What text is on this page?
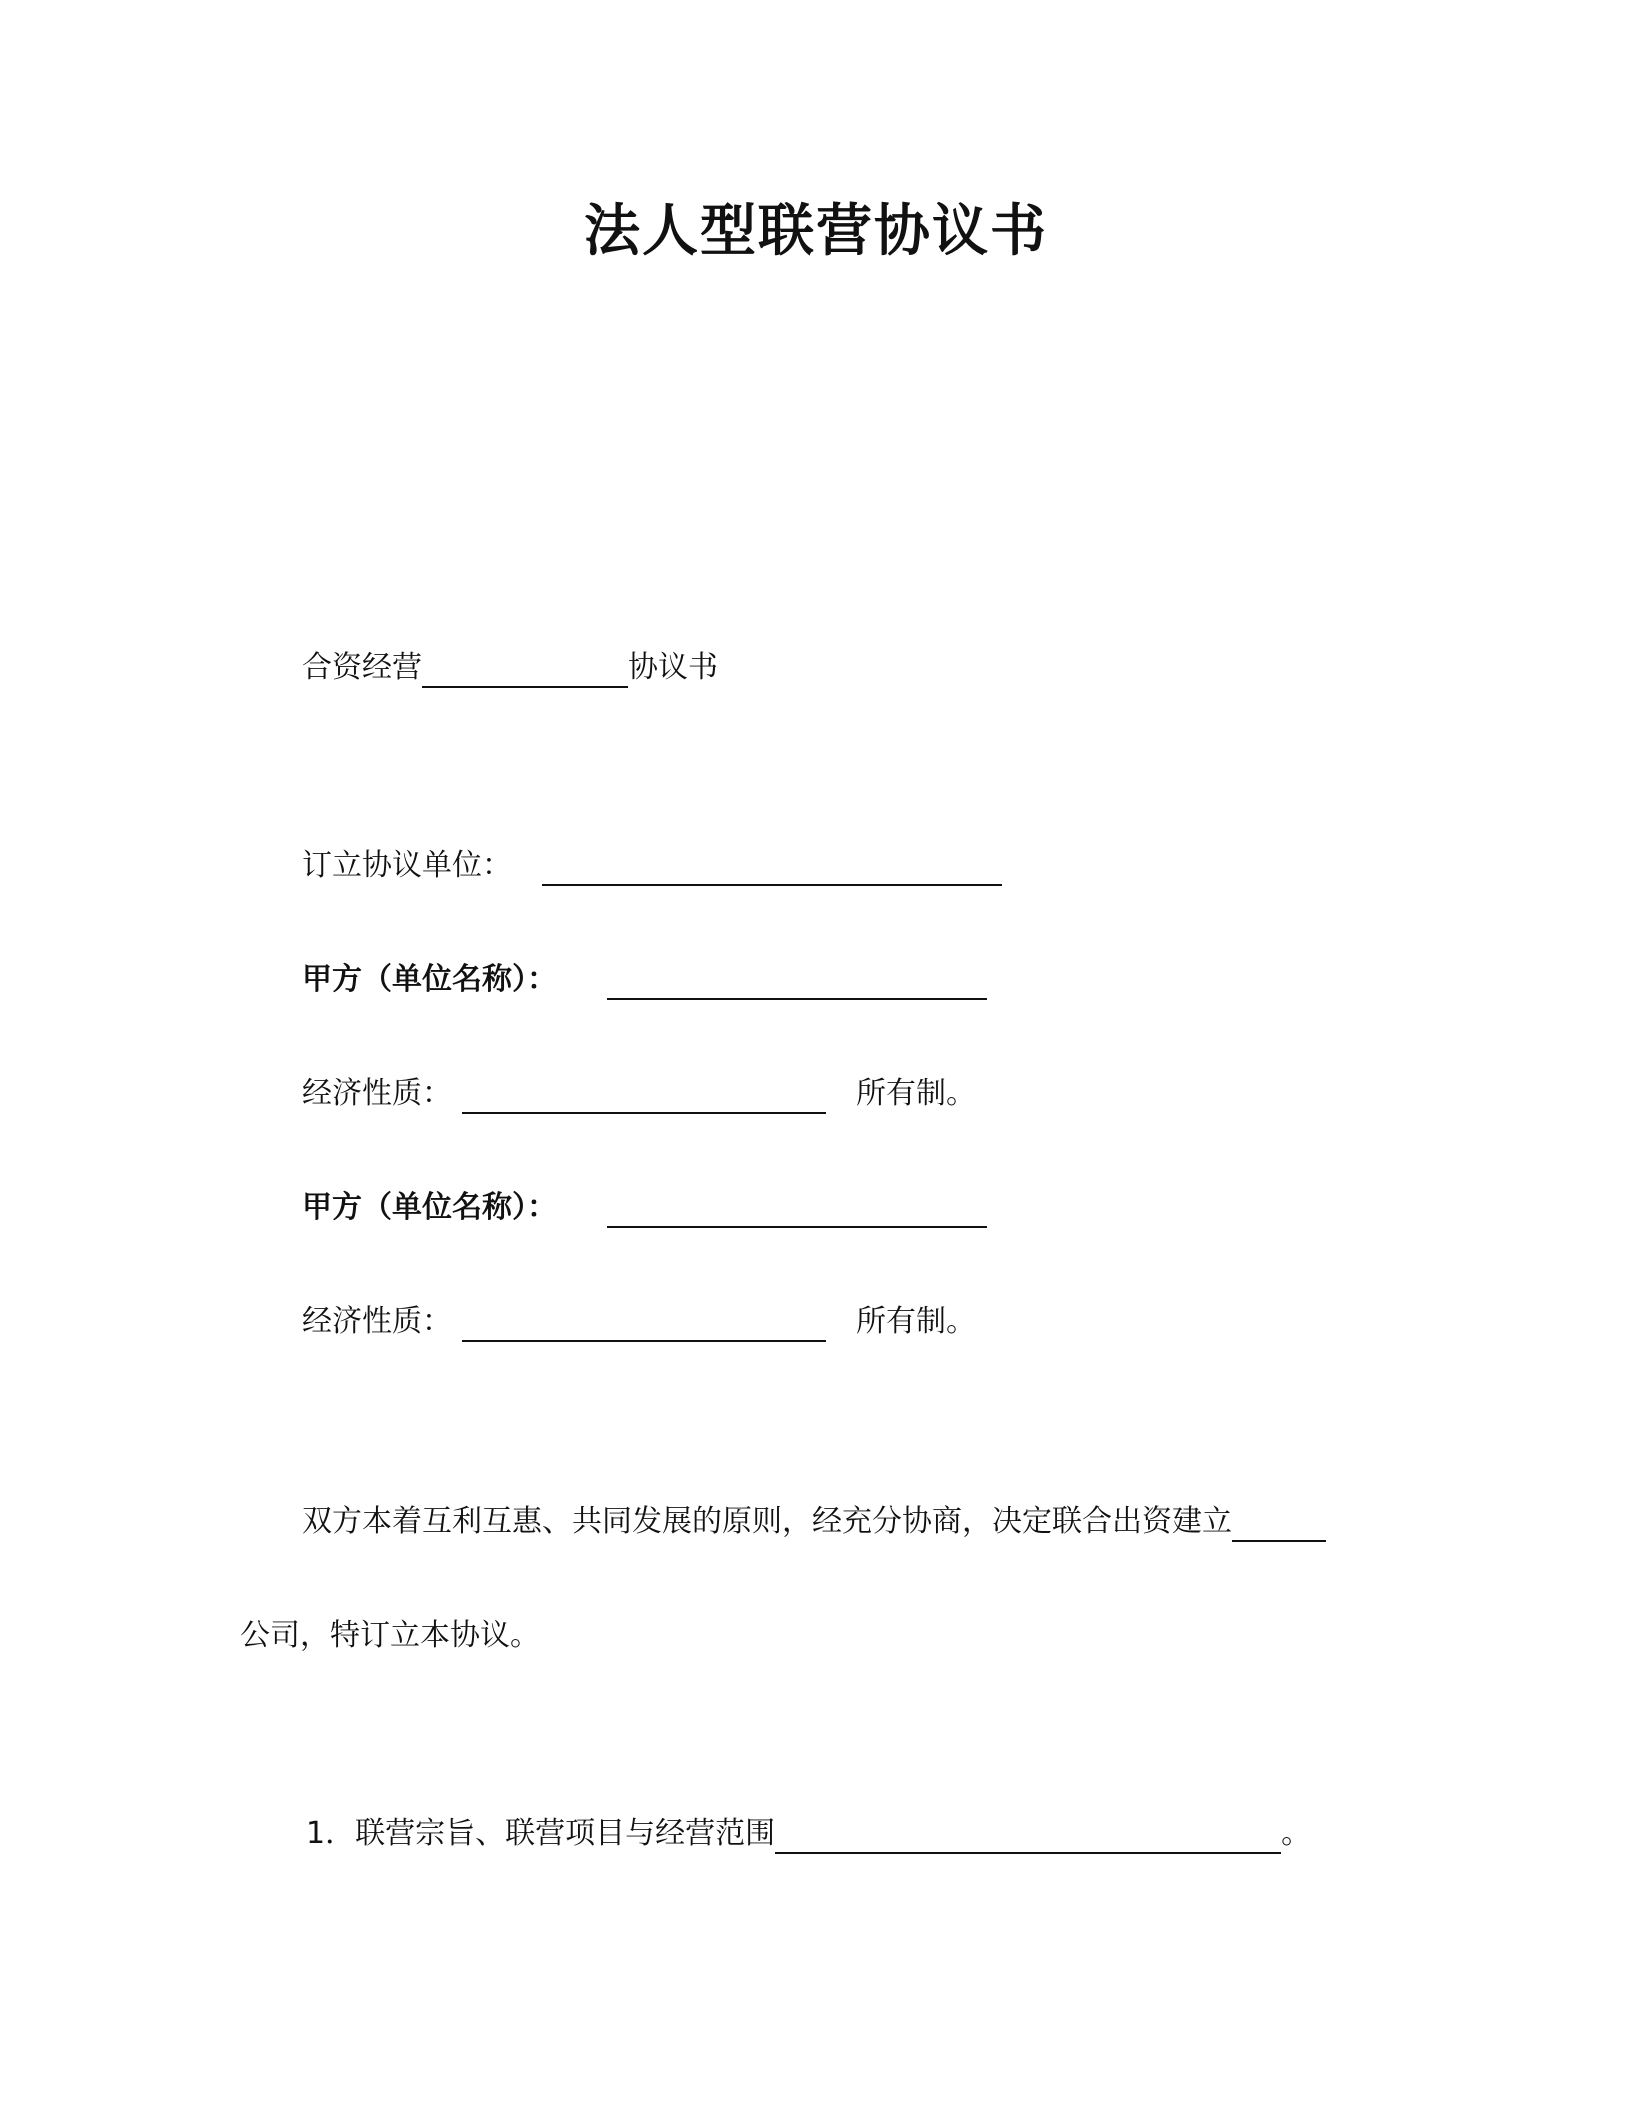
法人型联营协议书
合资经营	协议书
订立协议单位：
甲方（单位名称）：
经济性质：	所有制。
甲方（单位名称）：
经济性质：	所有制。
双方本着互利互惠、共同发展的原则，经充分协商，决定联合出资建立
公司，特订立本协议。
1． 联营宗旨、联营项目与经营范围	。
